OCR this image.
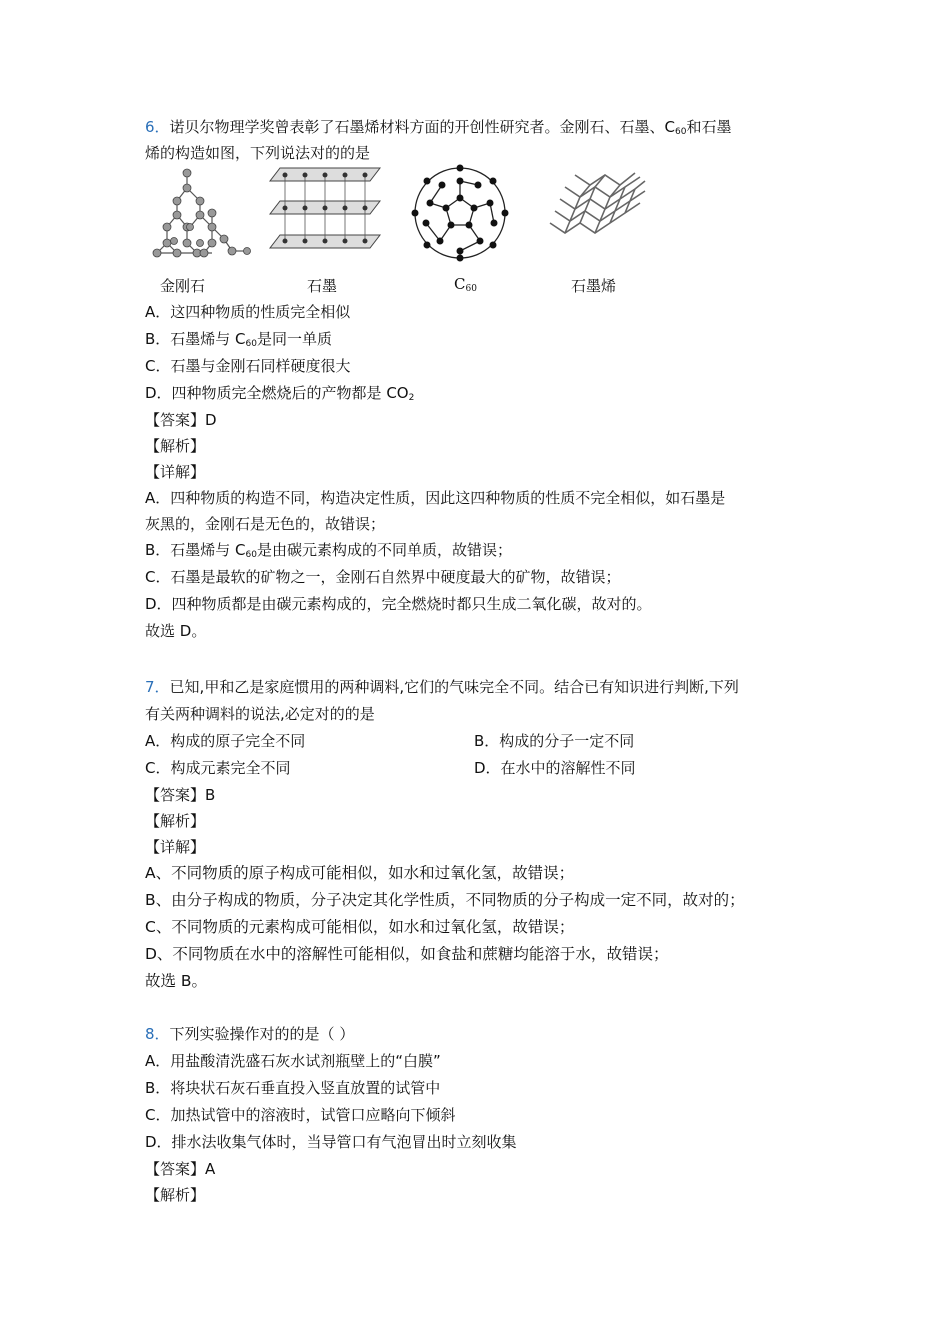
6．诺贝尔物理学奖曾表彰了石墨烯材料方面的开创性研究者。金刚石、石墨、$C_{60}$和石墨
烯的构造如图，下列说法对的的是
金刚石	石墨	$C_{60}$	石墨烯
A．这四种物质的性质完全相似
B．石墨烯与 $C_{60}$是同一单质
C．石墨与金刚石同样硬度很大
D．四种物质完全燃烧后的产物都是 $CO_2$
【答案】D
【解析】
【详解】
A．四种物质的构造不同，构造决定性质，因此这四种物质的性质不完全相似，如石墨是
灰黑的，金刚石是无色的，故错误；
B．石墨烯与 $C_{60}$是由碳元素构成的不同单质，故错误；
C．石墨是最软的矿物之一，金刚石自然界中硬度最大的矿物，故错误；
D．四种物质都是由碳元素构成的，完全燃烧时都只生成二氧化碳，故对的。
故选 D。
7．已知,甲和乙是家庭惯用的两种调料,它们的气味完全不同。结合已有知识进行判断,下列
有关两种调料的说法,必定对的的是
A．构成的原子完全不同	B．构成的分子一定不同
C．构成元素完全不同	D．在水中的溶解性不同
【答案】B
【解析】
【详解】
A、不同物质的原子构成可能相似，如水和过氧化氢，故错误；
B、由分子构成的物质，分子决定其化学性质，不同物质的分子构成一定不同，故对的；
C、不同物质的元素构成可能相似，如水和过氧化氢，故错误；
D、不同物质在水中的溶解性可能相似，如食盐和蔗糖均能溶于水，故错误；
故选 B。
8．下列实验操作对的的是（ ）
A．用盐酸清洗盛石灰水试剂瓶壁上的“白膜”
B．将块状石灰石垂直投入竖直放置的试管中
C．加热试管中的溶液时，试管口应略向下倾斜
D．排水法收集气体时，当导管口有气泡冒出时立刻收集
【答案】A
【解析】
